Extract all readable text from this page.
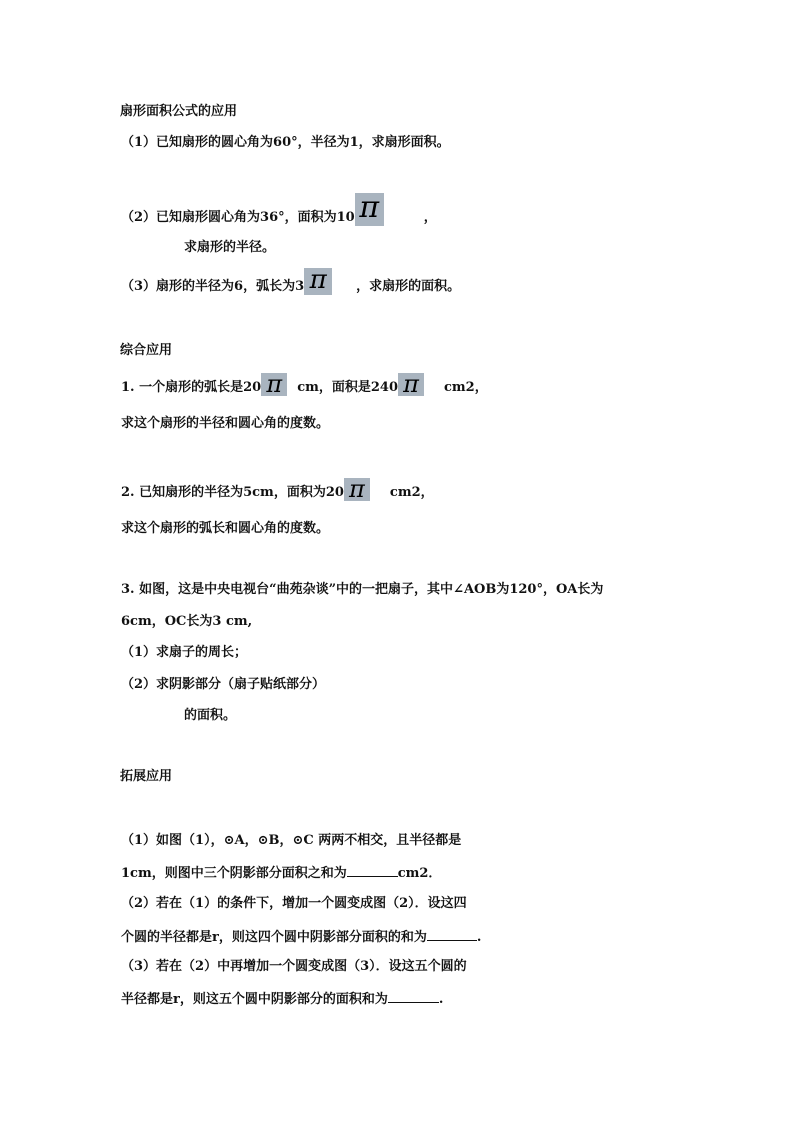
扇形面积公式的应用
（1）已知扇形的圆心角为60°，半径为1，求扇形面积。
（2）已知扇形圆心角为36°，面积为10 π	，
求扇形的半径。
（3）扇形的半径为6，弧长为3 π ，求扇形的面积。
综合应用
1. 一个扇形的弧长是20 π cm，面积是240 π cm2，
求这个扇形的半径和圆心角的度数。
2. 已知扇形的半径为5cm，面积为20 π cm2，
求这个扇形的弧长和圆心角的度数。
3. 如图，这是中央电视台“曲苑杂谈”中的一把扇子，其中∠AOB为120°，OA长为
6cm，OC长为3 cm,
（1）求扇子的周长；
（2）求阴影部分（扇子贴纸部分）
的面积。
拓展应用
（1）如图（1），⊙A，⊙B，⊙C 两两不相交，且半径都是
1cm，则图中三个阴影部分面积之和为	cm2．
（2）若在（1）的条件下，增加一个圆变成图（2）．设这四
个圆的半径都是r，则这四个圆中阴影部分面积的和为	.
（3）若在（2）中再增加一个圆变成图（3）．设这五个圆的
半径都是r，则这五个圆中阴影部分的面积和为	.
